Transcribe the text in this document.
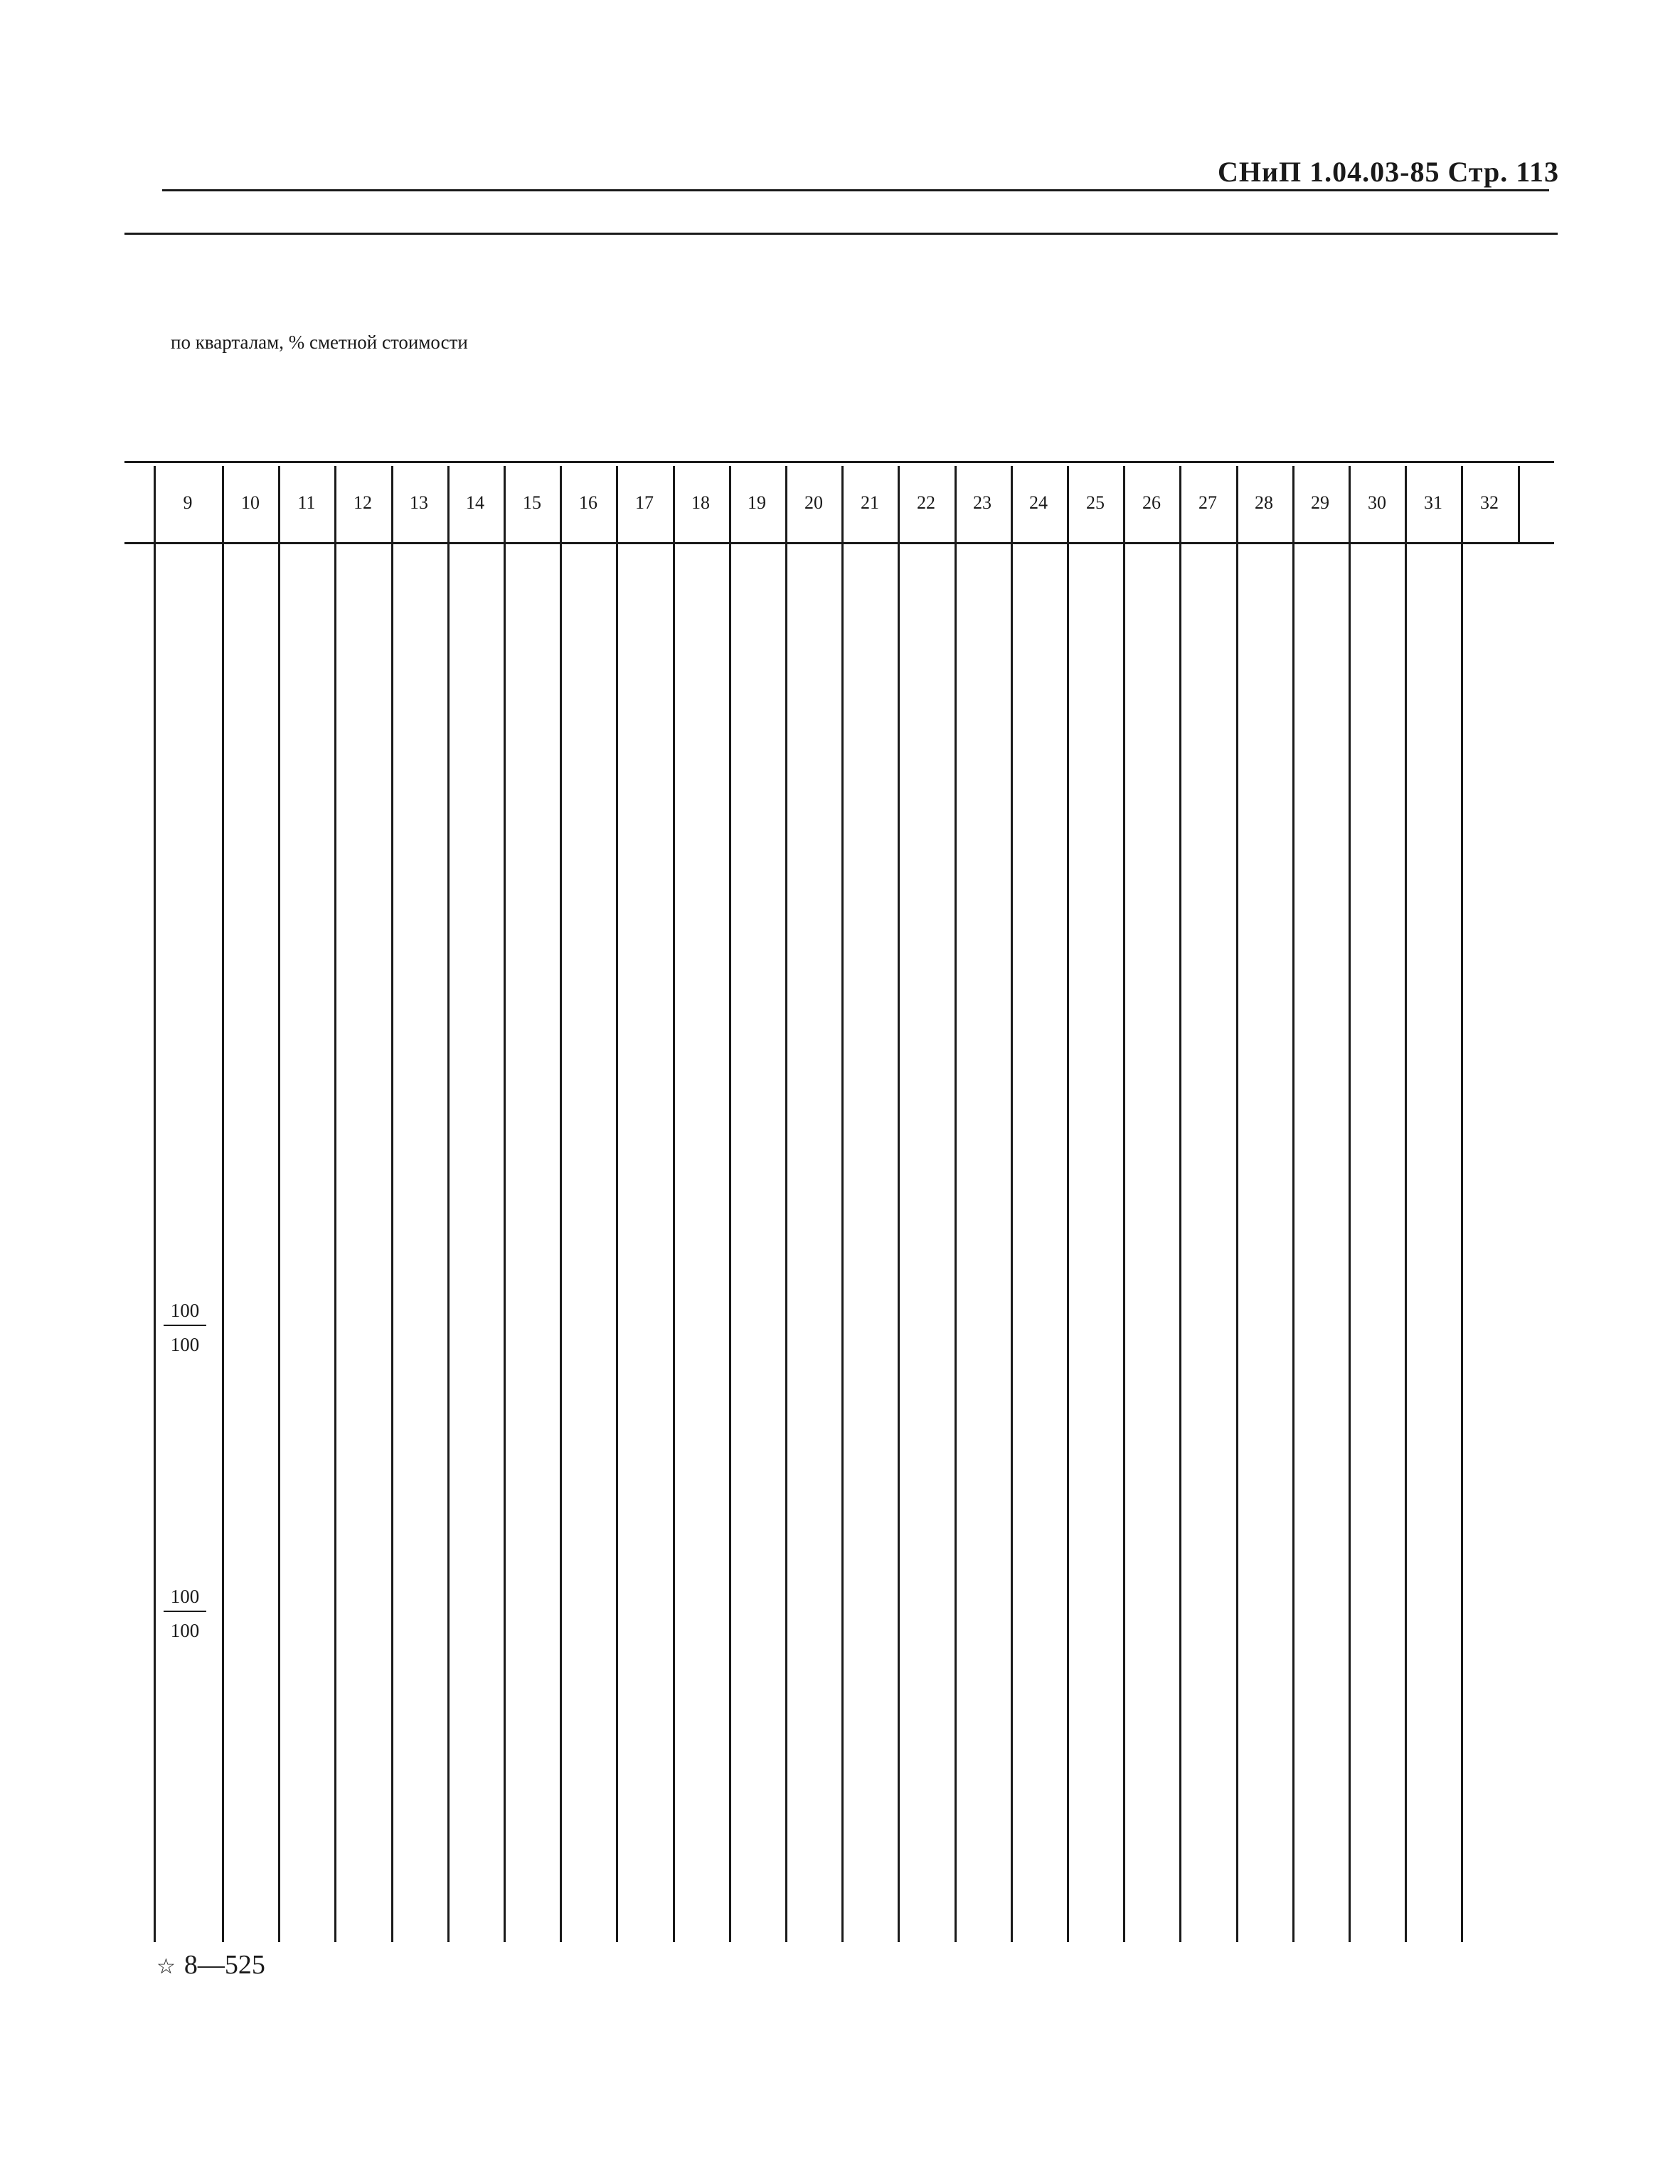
СНиП 1.04.03-85 Стр. 113
по кварталам, % сметной стоимости
9	10	11	12	13	14	15	16	17	18	19	20	21	22	23	24	25	26	27	28	29	30	31	32
$\frac{100}{100}$
$\frac{100}{100}$
☆ 8—525
